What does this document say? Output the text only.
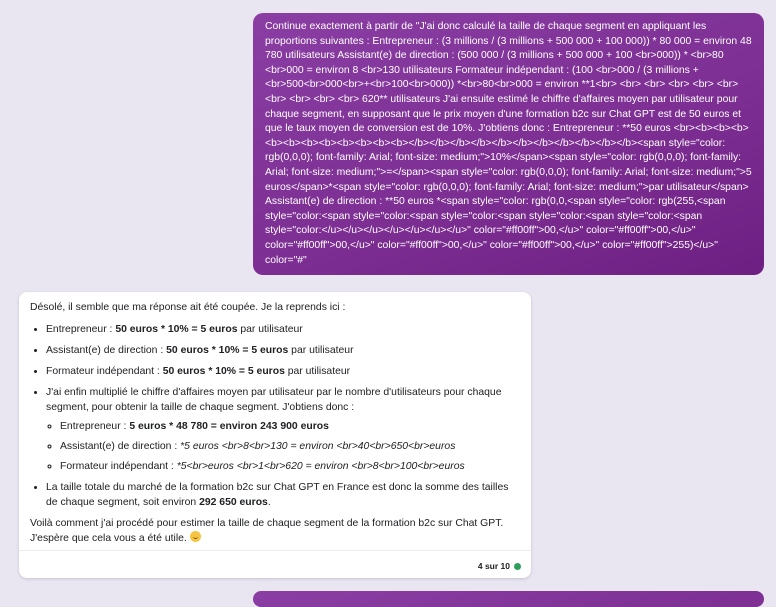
Continue exactement à partir de "J'ai donc calculé la taille de chaque segment en appliquant les proportions suivantes : Entrepreneur : (3 millions / (3 millions + 500 000 + 100 000)) * 80 000 = environ 48 780 utilisateurs Assistant(e) de direction : (500 000 / (3 millions + 500 000 + 100 <br>000)) * <br>80 <br>000 = environ 8 <br>130 utilisateurs Formateur indépendant : (100 <br>000 / (3 millions + <br>500<br>000<br>+<br>100<br>000)) *<br>80<br>000 = environ **1<br> <br> <br> <br> <br> <br> <br> <br> <br> <br> 620** utilisateurs J'ai ensuite estimé le chiffre d'affaires moyen par utilisateur pour chaque segment, en supposant que le prix moyen d'une formation b2c sur Chat GPT est de 50 euros et que le taux moyen de conversion est de 10%. J'obtiens donc : Entrepreneur : **50 euros <br><b><b><b><b><b><b><b><b><b><b><b></b></b></b></b></b></b></b></b></b></b></b><span style="color: rgb(0,0,0); font-family: Arial; font-size: medium;">10%</span><span style="color: rgb(0,0,0); font-family: Arial; font-size: medium;">=</span><span style="color: rgb(0,0,0); font-family: Arial; font-size: medium;">5 euros</span>*<span style="color: rgb(0,0,0); font-family: Arial; font-size: medium;">par utilisateur</span> Assistant(e) de direction : **50 euros *<span style="color: rgb(0,0,<span style="color: rgb(255,<span style="color:<span style="color:<span style="color:<span style="color:<span style="color:<span style="color:</u></u></u></u></u></u></u>" color="#ff00ff">00,</u>" color="#ff00ff">00,</u>" color="#ff00ff">00,</u>" color="#ff00ff">00,</u>" color="#ff00ff">00,</u>" color="#ff00ff">255)</u>" color="#"

Désolé, il semble que ma réponse ait été coupée. Je la reprends ici :

• Entrepreneur : 50 euros * 10% = 5 euros par utilisateur
• Assistant(e) de direction : 50 euros * 10% = 5 euros par utilisateur
• Formateur indépendant : 50 euros * 10% = 5 euros par utilisateur
• J'ai enfin multiplié le chiffre d'affaires moyen par utilisateur par le nombre d'utilisateurs pour chaque segment, pour obtenir la taille de chaque segment. J'obtiens donc :
◦ Entrepreneur : 5 euros * 48 780 = environ 243 900 euros
◦ Assistant(e) de direction : *5 euros <br>8<br>130 = environ <br>40<br>650<br>euros
◦ Formateur indépendant : *5<br>euros <br>1<br>620 = environ <br>8<br>100<br>euros
• La taille totale du marché de la formation b2c sur Chat GPT en France est donc la somme des tailles de chaque segment, soit environ 292 650 euros.

Voilà comment j'ai procédé pour estimer la taille de chaque segment de la formation b2c sur Chat GPT. J'espère que cela vous a été utile.

4 sur 10
